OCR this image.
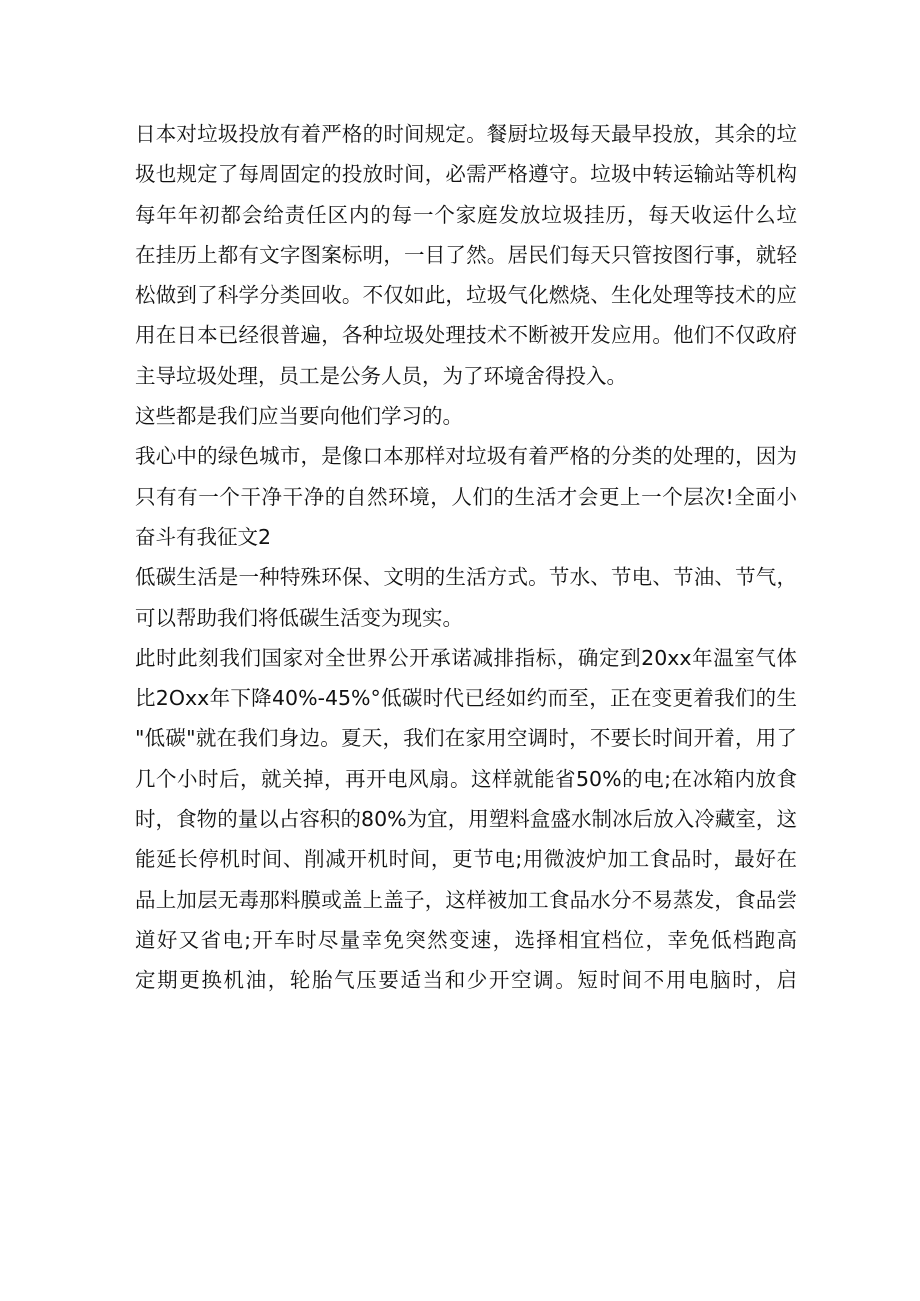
日本对垃圾投放有着严格的时间规定。餐厨垃圾每天最早投放，其余的垃
圾也规定了每周固定的投放时间，必需严格遵守。垃圾中转运输站等机构
每年年初都会给责任区内的每一个家庭发放垃圾挂历，每天收运什么垃
在挂历上都有文字图案标明，一目了然。居民们每天只管按图行事，就轻
松做到了科学分类回收。不仅如此，垃圾气化燃烧、生化处理等技术的应
用在日本已经很普遍，各种垃圾处理技术不断被开发应用。他们不仅政府
主导垃圾处理，员工是公务人员，为了环境舍得投入。
这些都是我们应当要向他们学习的。
我心中的绿色城市，是像口本那样对垃圾有着严格的分类的处理的，因为
只有有一个干净干净的自然环境，人们的生活才会更上一个层次!全面小
奋斗有我征文2
低碳生活是一种特殊环保、文明的生活方式。节水、节电、节油、节气，
可以帮助我们将低碳生活变为现实。
此时此刻我们国家对全世界公开承诺减排指标，确定到20xx年温室气体
比2Oxx年下降40%-45%°低碳时代已经如约而至，正在变更着我们的生
"低碳"就在我们身边。夏天，我们在家用空调时，不要长时间开着，用了
几个小时后，就关掉，再开电风扇。这样就能省50%的电;在冰箱内放食
时，食物的量以占容积的80%为宜，用塑料盒盛水制冰后放入冷藏室，这
能延长停机时间、削减开机时间，更节电;用微波炉加工食品时，最好在
品上加层无毒那料膜或盖上盖子，这样被加工食品水分不易蒸发，食品尝
道好又省电;开车时尽量幸免突然变速，选择相宜档位，幸免低档跑高
定期更换机油，轮胎气压要适当和少开空调。短时间不用电脑时，启
